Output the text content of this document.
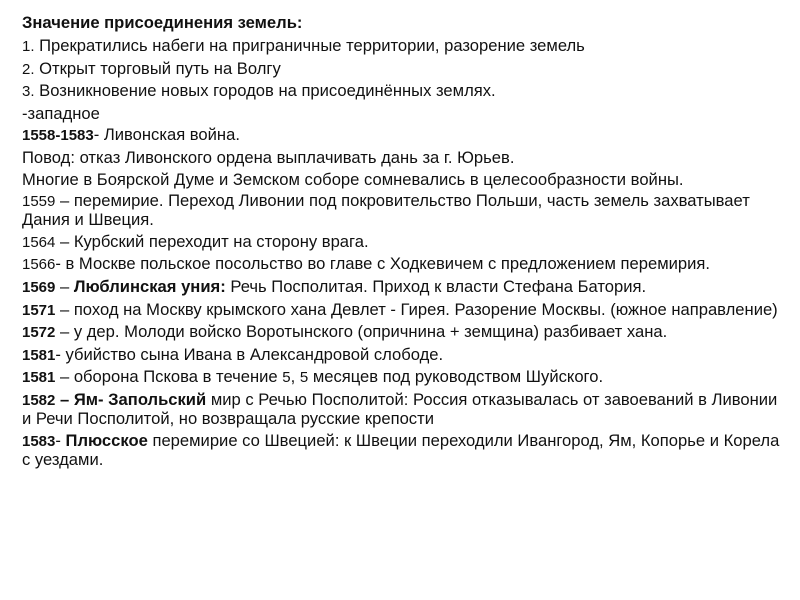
Значение присоединения земель:
1. Прекратились набеги на приграничные территории, разорение земель
2. Открыт торговый путь на Волгу
3. Возникновение новых городов на присоединённых землях.
-западное
1558-1583- Ливонская война.
Повод: отказ Ливонского ордена выплачивать дань за г. Юрьев.
Многие в Боярской Думе и Земском соборе сомневались в целесообразности войны.
1559 – перемирие. Переход Ливонии под покровительство Польши, часть земель захватывает Дания и Швеция.
1564 – Курбский переходит на сторону врага.
1566- в Москве польское посольство во главе с Ходкевичем с предложением перемирия.
1569 – Люблинская уния: Речь Посполитая. Приход к власти Стефана Батория.
1571 – поход на Москву крымского хана Девлет - Гирея. Разорение Москвы. (южное направление)
1572 – у дер. Молоди войско Воротынского (опричнина + земщина) разбивает хана.
1581- убийство сына Ивана в Александровой слободе.
1581 – оборона Пскова в течение 5, 5 месяцев под руководством Шуйского.
1582 – Ям- Запольский мир с Речью Посполитой: Россия отказывалась от завоеваний в Ливонии и Речи Посполитой, но возвращала русские крепости
1583- Плюсское перемирие со Швецией: к Швеции переходили Ивангород, Ям, Копорье и Корела с уездами.
